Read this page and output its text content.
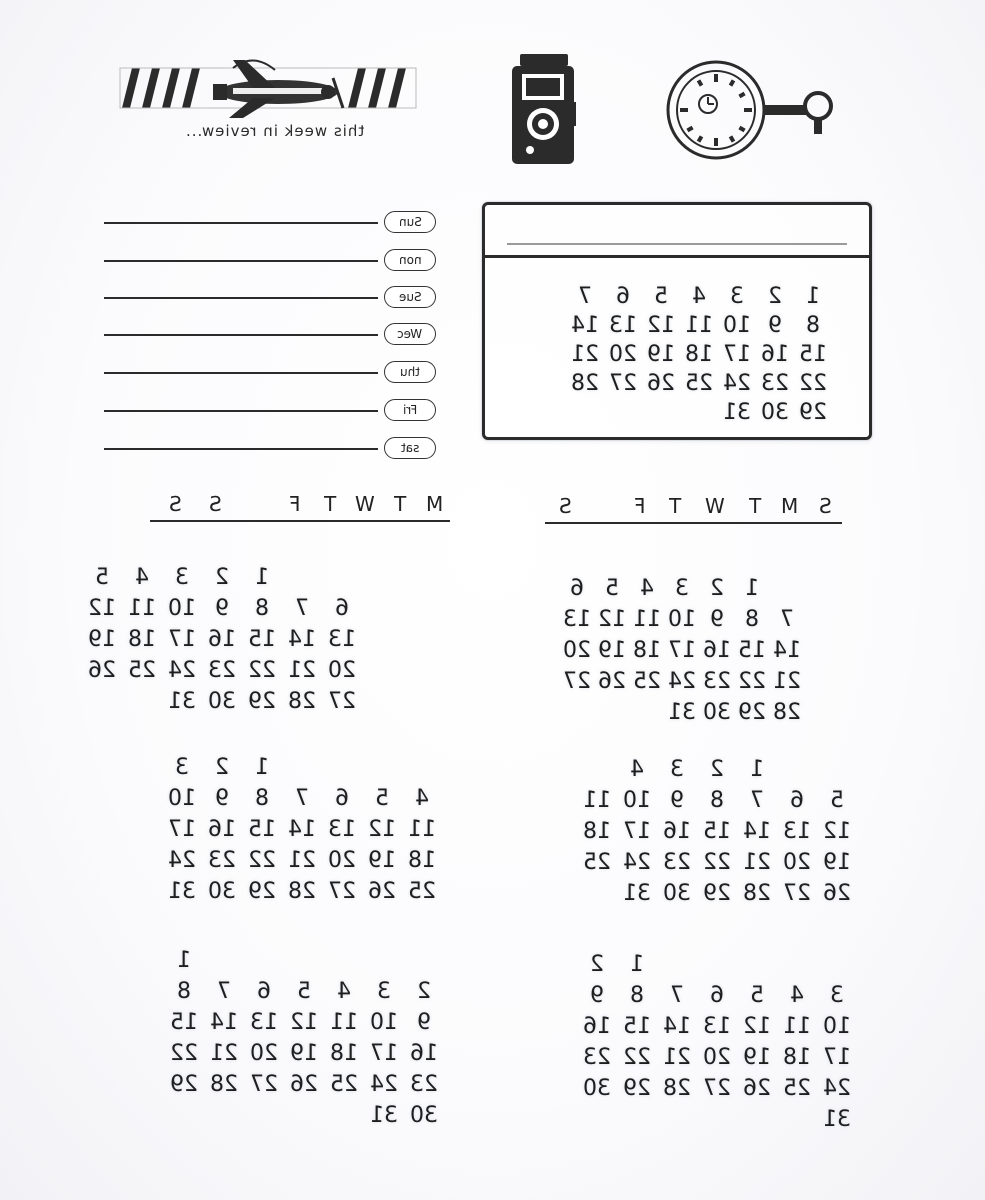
this week in review...
Sun
non
Sue
Wec
thu
Fri
sat
1
2
3
4
5
6
7
8
9
10
11
12
13
14
15
16
17
18
19
20
21
22
23
24
25
26
27
28
29
30
31
M
T
W
T
F
S
S	S
M
T
W
T
F
S
1
2
3
4
5
6
7
8
9
10
11
12
13
14
15
16
17
18
19
20
21
22
23
24
25
26
27
28
29
30
31
1
2
3
4
5
6
7
8
9
10
11
12
13
14
15
16
17
18
19
20
21
22
23
24
25
26
27
28
29
30
31
1
2
3
4
5
6
7
8
9
10
11
12
13
14
15
16
17
18
19
20
21
22
23
24
25
26
27
28
29
30
31
1
2
3
4
5
6
7
8
9
10
11
12
13
14
15
16
17
18
19
20
21
22
23
24
25
26
27
28
29
30
31
1
2
3
4
5
6
7
8
9
10
11
12
13
14
15
16
17
18
19
20
21
22
23
24
25
26
27
28
29
30
31
1
2
3
4
5
6
7
8
9
10
11
12
13
14
15
16
17
18
19
20
21
22
23
24
25
26
27
28
29
30
31
